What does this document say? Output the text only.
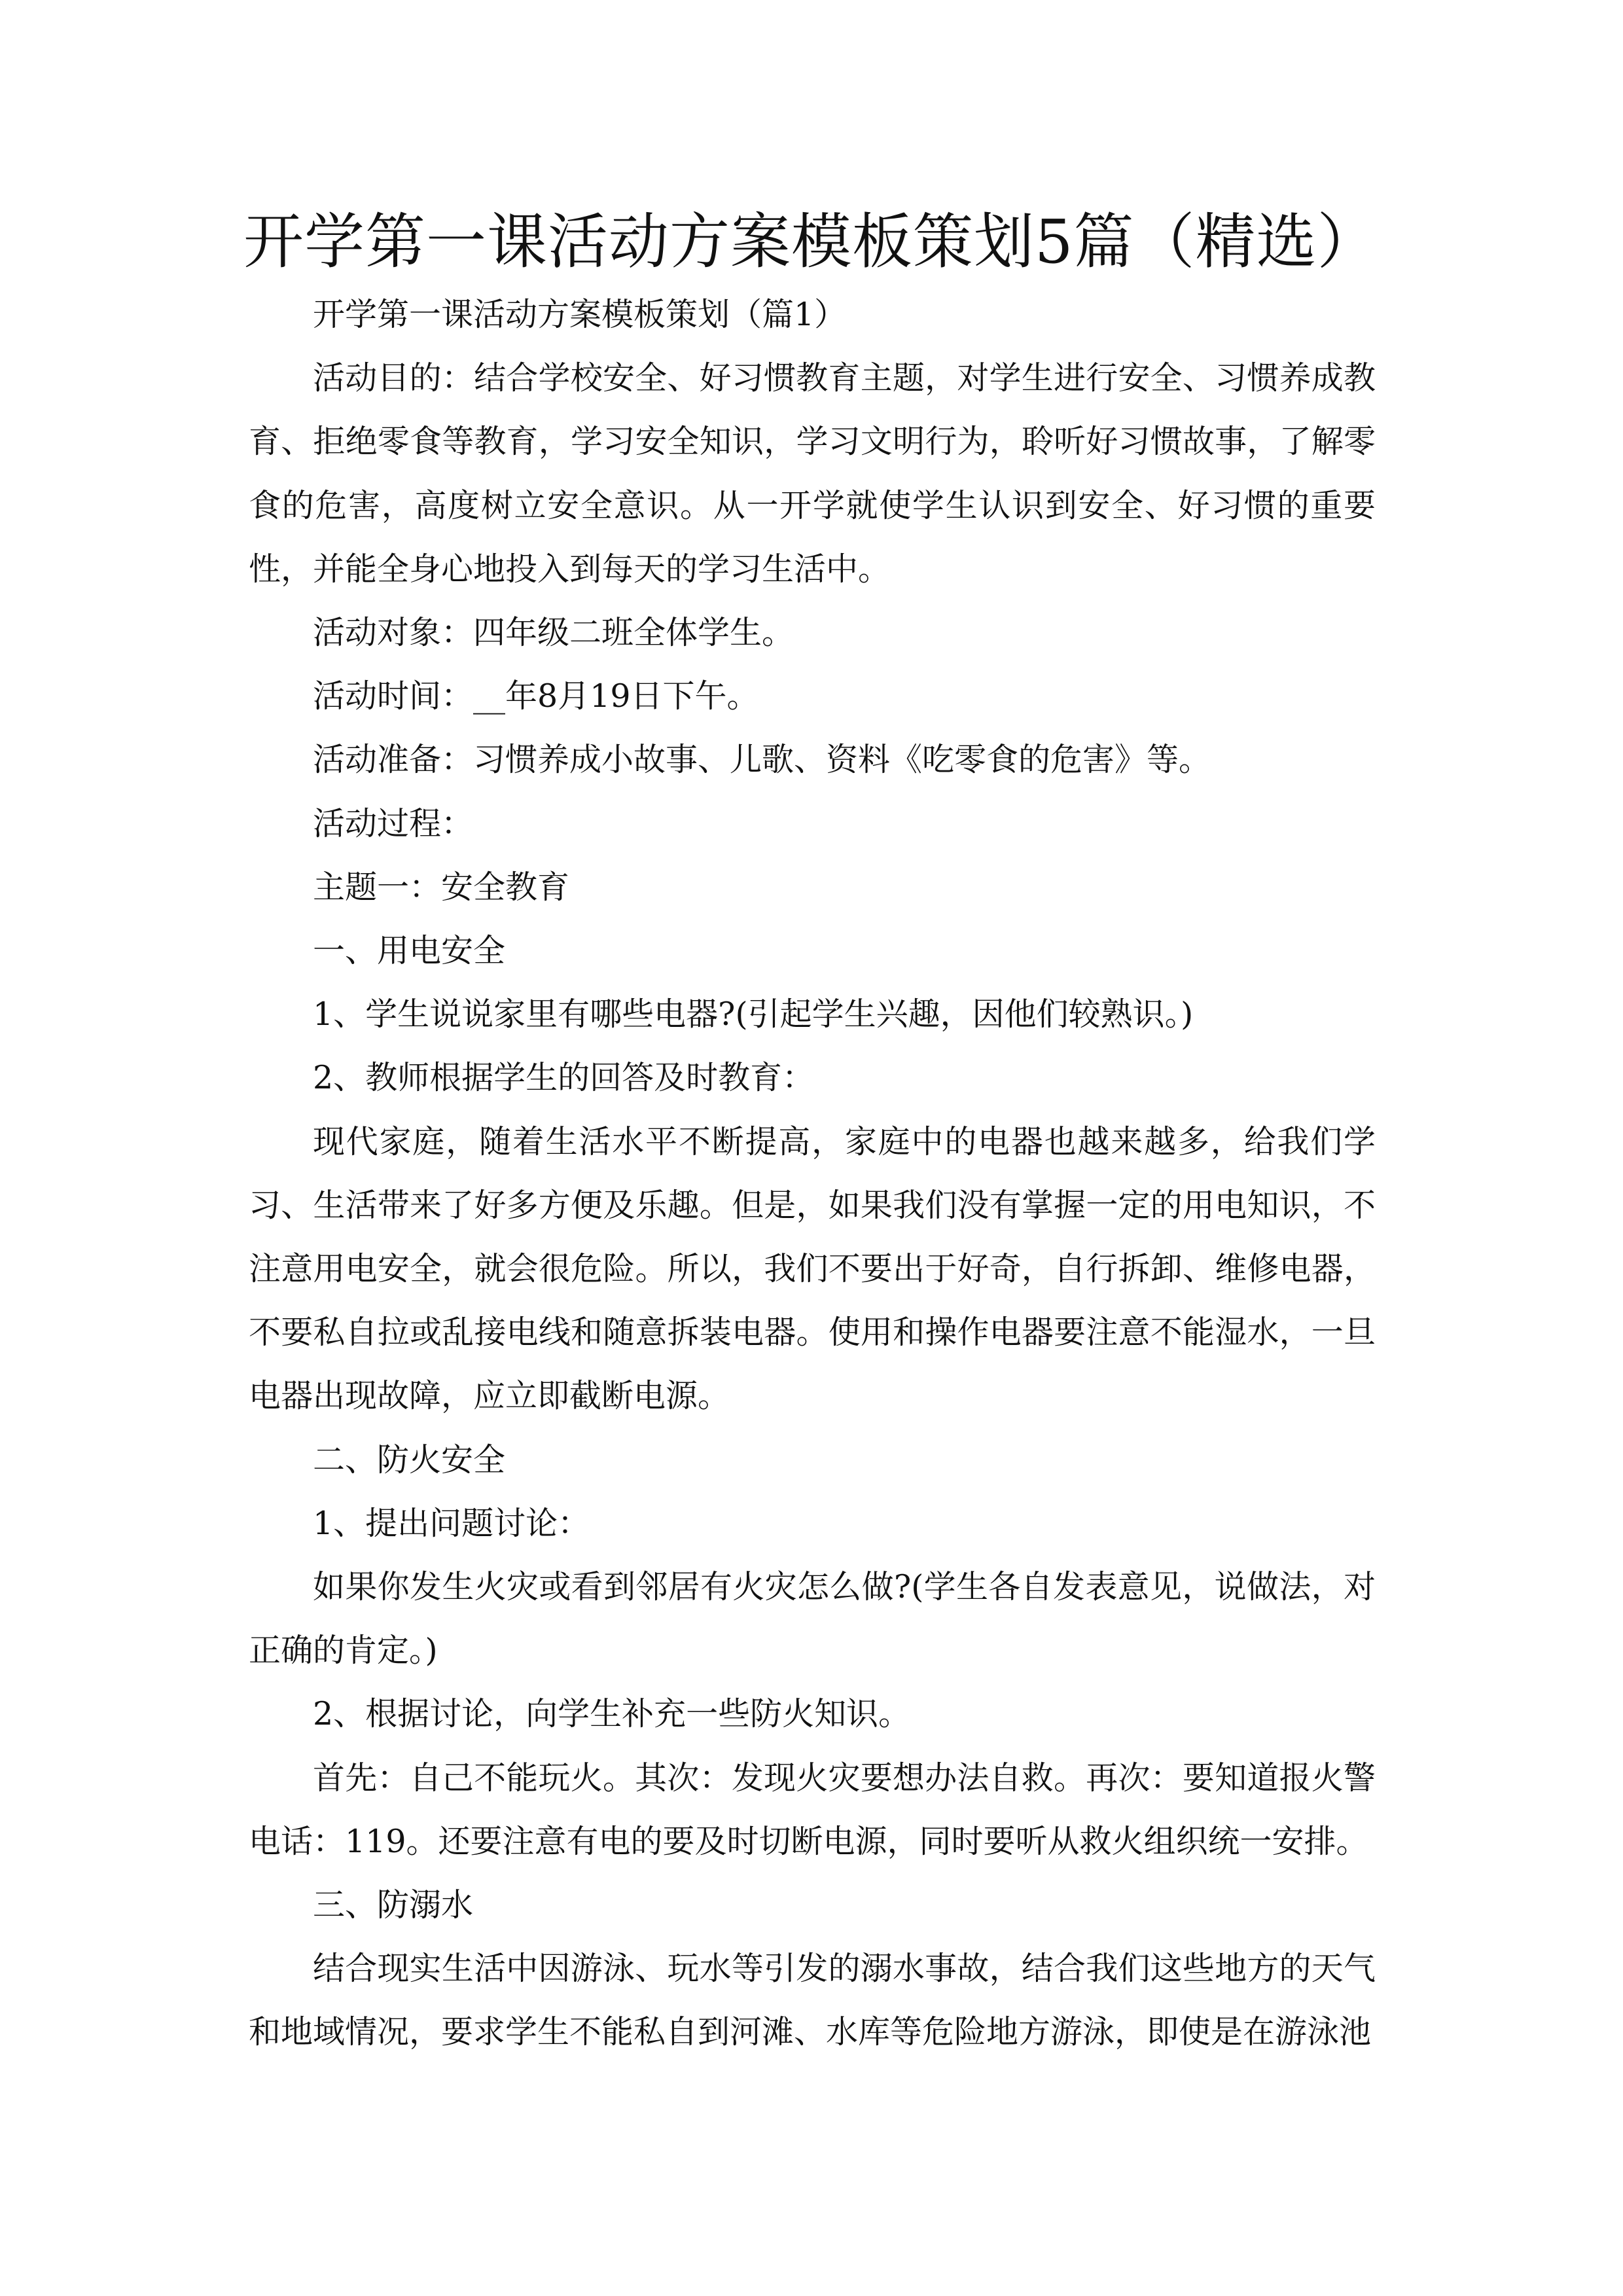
开学第一课活动方案模板策划5篇（精选）

开学第一课活动方案模板策划（篇1）

活动目的：结合学校安全、好习惯教育主题，对学生进行安全、习惯养成教育、拒绝零食等教育，学习安全知识，学习文明行为，聆听好习惯故事，了解零食的危害，高度树立安全意识。从一开学就使学生认识到安全、好习惯的重要性，并能全身心地投入到每天的学习生活中。

活动对象：四年级二班全体学生。

活动时间：__年8月19日下午。

活动准备：习惯养成小故事、儿歌、资料《吃零食的危害》等。

活动过程：

主题一：安全教育

一、用电安全

1、学生说说家里有哪些电器?(引起学生兴趣，因他们较熟识。)

2、教师根据学生的回答及时教育：

现代家庭，随着生活水平不断提高，家庭中的电器也越来越多，给我们学习、生活带来了好多方便及乐趣。但是，如果我们没有掌握一定的用电知识，不注意用电安全，就会很危险。所以，我们不要出于好奇，自行拆卸、维修电器，不要私自拉或乱接电线和随意拆装电器。使用和操作电器要注意不能湿水，一旦电器出现故障，应立即截断电源。

二、防火安全

1、提出问题讨论：

如果你发生火灾或看到邻居有火灾怎么做?(学生各自发表意见，说做法，对正确的肯定。)

2、根据讨论，向学生补充一些防火知识。

首先：自己不能玩火。其次：发现火灾要想办法自救。再次：要知道报火警电话：119。还要注意有电的要及时切断电源，同时要听从救火组织统一安排。

三、防溺水

结合现实生活中因游泳、玩水等引发的溺水事故，结合我们这些地方的天气和地域情况，要求学生不能私自到河滩、水库等危险地方游泳，即使是在游泳池
